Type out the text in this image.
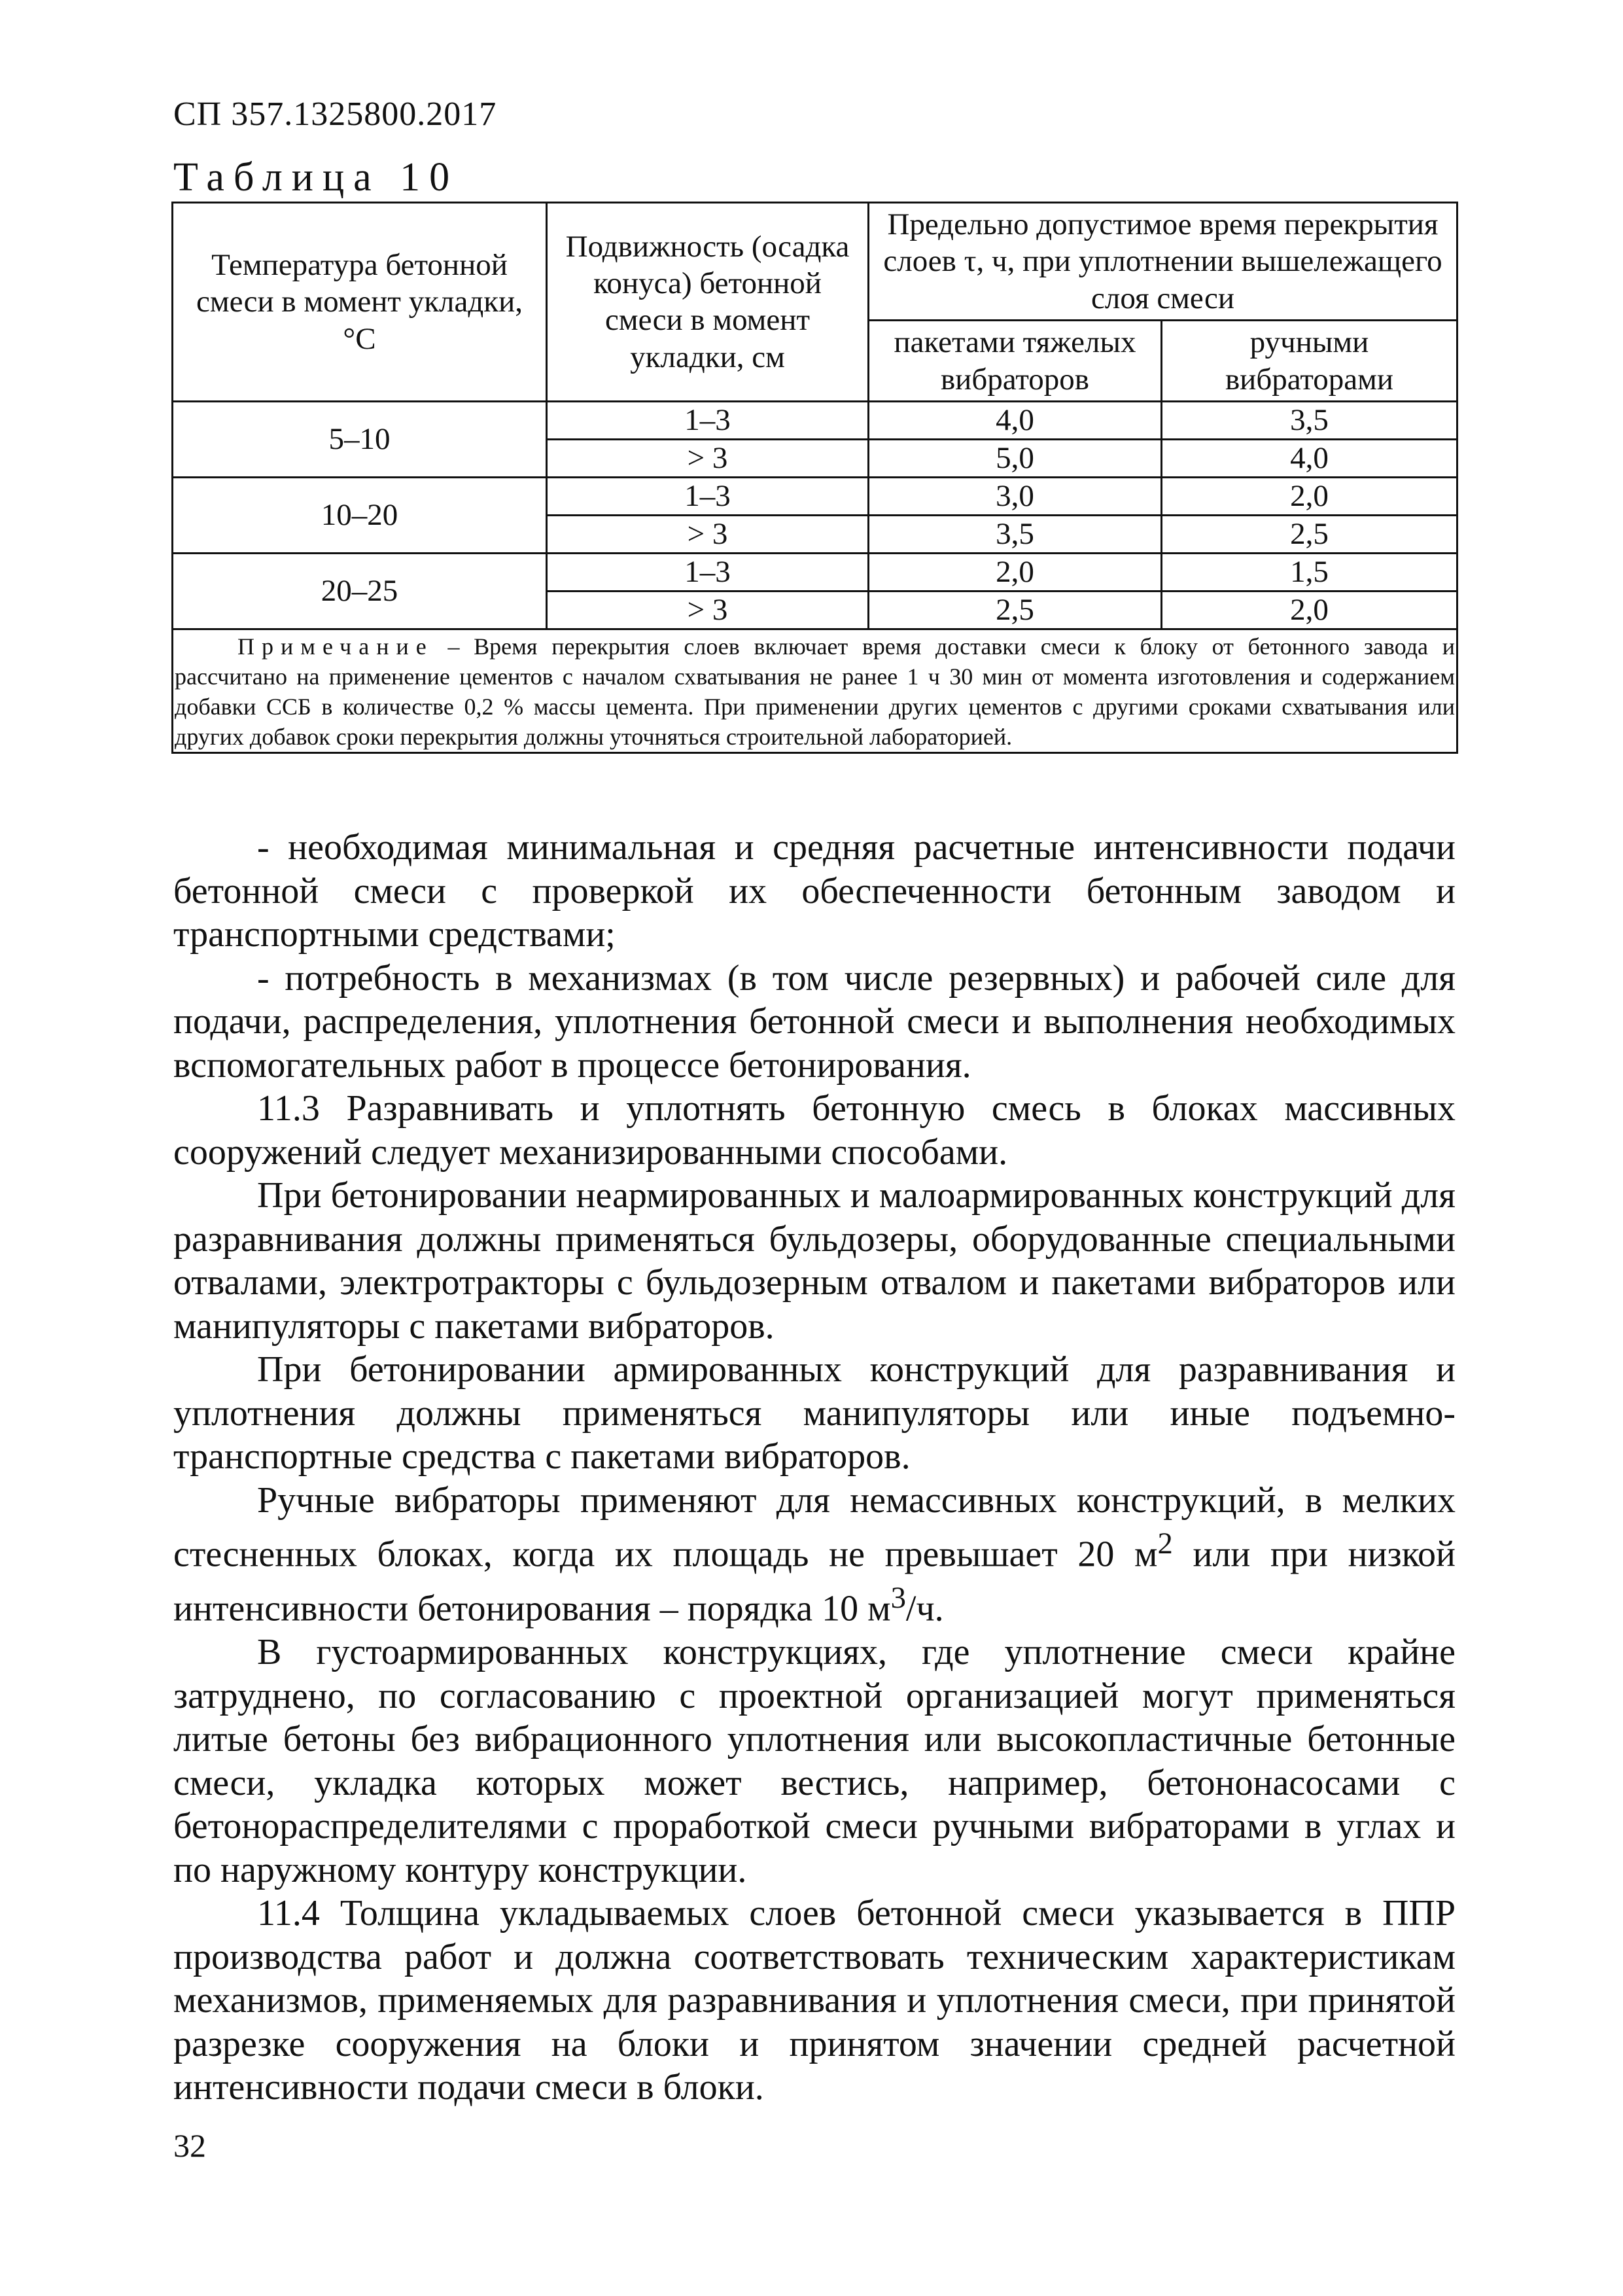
СП 357.1325800.2017
Таблица 10
Температура бетонной смеси в момент укладки, °С	Подвижность (осадка конуса) бетонной смеси в момент укладки, см	Предельно допустимое время перекрытия слоев τ, ч, при уплотнении вышележащего слоя смеси	
		пакетами тяжелых вибраторов	ручными вибраторами
5–10	1–3	4,0	3,5
	> 3	5,0	4,0
10–20	1–3	3,0	2,0
	> 3	3,5	2,5
20–25	1–3	2,0	1,5
	> 3	2,5	2,0
Примечание – Время перекрытия слоев включает время доставки смеси к блоку от бетонного завода и рассчитано на применение цементов с началом схватывания не ранее 1 ч 30 мин от момента изготовления и содержанием добавки ССБ в количестве 0,2 % массы цемента. При применении других цементов с другими сроками схватывания или других добавок сроки перекрытия должны уточняться строительной лабораторией.			

- необходимая минимальная и средняя расчетные интенсивности подачи бетонной смеси с проверкой их обеспеченности бетонным заводом и транспортными средствами;

- потребность в механизмах (в том числе резервных) и рабочей силе для подачи, распределения, уплотнения бетонной смеси и выполнения необходимых вспомогательных работ в процессе бетонирования.

11.3 Разравнивать и уплотнять бетонную смесь в блоках массивных сооружений следует механизированными способами.

При бетонировании неармированных и малоармированных конструкций для разравнивания должны применяться бульдозеры, оборудованные специальными отвалами, электротракторы с бульдозерным отвалом и пакетами вибраторов или манипуляторы с пакетами вибраторов.

При бетонировании армированных конструкций для разравнивания и уплотнения должны применяться манипуляторы или иные подъемно-транспортные средства с пакетами вибраторов.

Ручные вибраторы применяют для немассивных конструкций, в мелких стесненных блоках, когда их площадь не превышает 20 $м^2$ или при низкой интенсивности бетонирования – порядка 10 $м^3/ч$.

В густоармированных конструкциях, где уплотнение смеси крайне затруднено, по согласованию с проектной организацией могут применяться литые бетоны без вибрационного уплотнения или высокопластичные бетонные смеси, укладка которых может вестись, например, бетононасосами с бетонораспределителями с проработкой смеси ручными вибраторами в углах и по наружному контуру конструкции.

11.4 Толщина укладываемых слоев бетонной смеси указывается в ППР производства работ и должна соответствовать техническим характеристикам механизмов, применяемых для разравнивания и уплотнения смеси, при принятой разрезке сооружения на блоки и принятом значении средней расчетной интенсивности подачи смеси в блоки.

32
